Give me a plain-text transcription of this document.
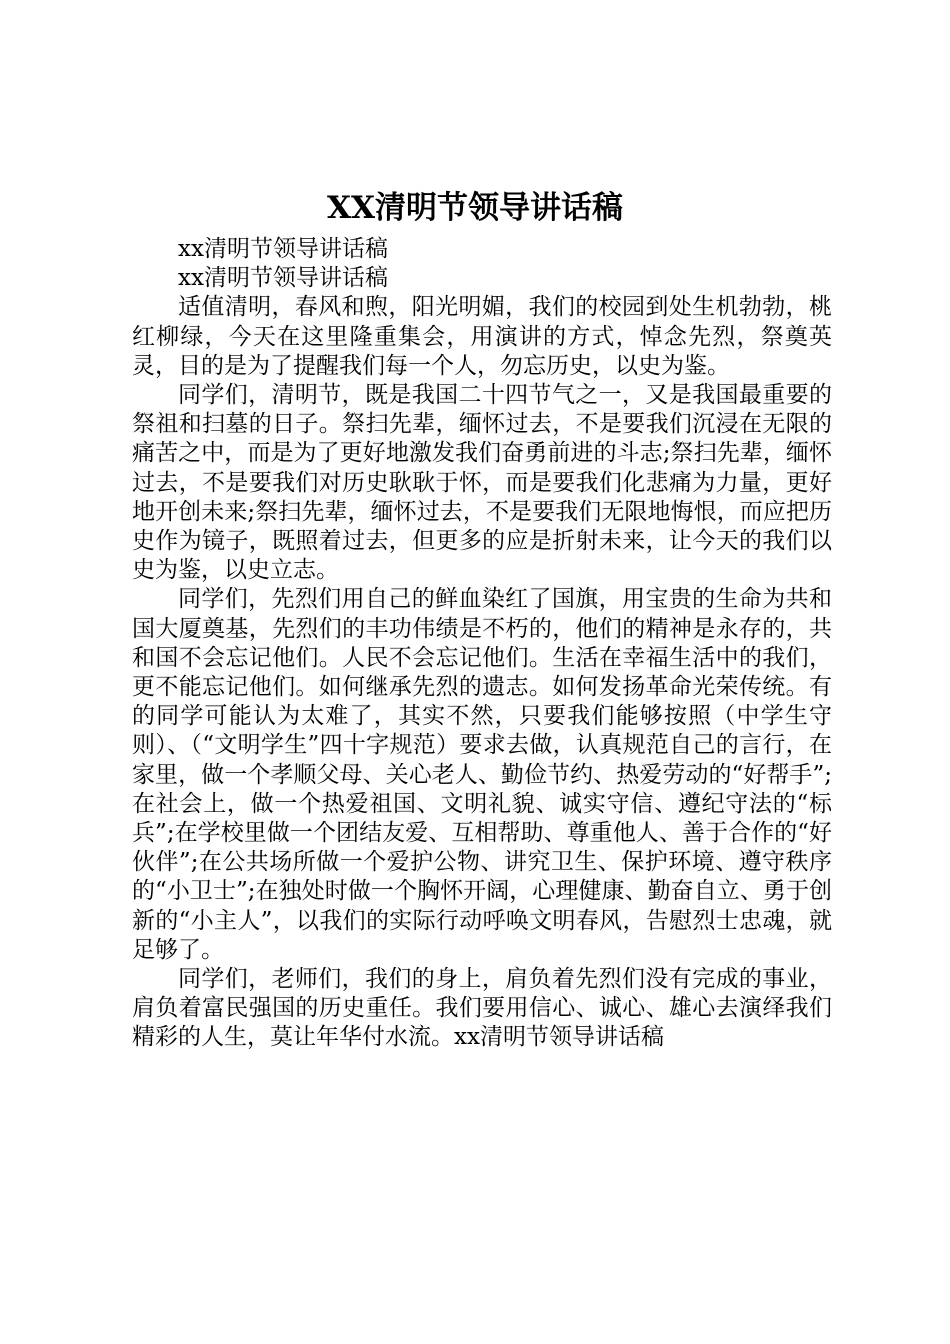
XX清明节领导讲话稿

xx清明节领导讲话稿

xx清明节领导讲话稿

适值清明，春风和煦，阳光明媚，我们的校园到处生机勃勃，桃红柳绿，今天在这里隆重集会，用演讲的方式，悼念先烈，祭奠英灵，目的是为了提醒我们每一个人，勿忘历史，以史为鉴。

同学们，清明节，既是我国二十四节气之一，又是我国最重要的祭祖和扫墓的日子。祭扫先辈，缅怀过去，不是要我们沉浸在无限的痛苦之中，而是为了更好地激发我们奋勇前进的斗志;祭扫先辈，缅怀过去，不是要我们对历史耿耿于怀，而是要我们化悲痛为力量，更好地开创未来;祭扫先辈，缅怀过去，不是要我们无限地悔恨，而应把历史作为镜子，既照着过去，但更多的应是折射未来，让今天的我们以史为鉴，以史立志。

同学们，先烈们用自己的鲜血染红了国旗，用宝贵的生命为共和国大厦奠基，先烈们的丰功伟绩是不朽的，他们的精神是永存的，共和国不会忘记他们。人民不会忘记他们。生活在幸福生活中的我们，更不能忘记他们。如何继承先烈的遗志。如何发扬革命光荣传统。有的同学可能认为太难了，其实不然，只要我们能够按照（中学生守则）、（“文明学生”四十字规范）要求去做，认真规范自己的言行，在家里，做一个孝顺父母、关心老人、勤俭节约、热爱劳动的“好帮手”;在社会上，做一个热爱祖国、文明礼貌、诚实守信、遵纪守法的“标兵”;在学校里做一个团结友爱、互相帮助、尊重他人、善于合作的“好伙伴”;在公共场所做一个爱护公物、讲究卫生、保护环境、遵守秩序的“小卫士”;在独处时做一个胸怀开阔，心理健康、勤奋自立、勇于创新的“小主人”，以我们的实际行动呼唤文明春风，告慰烈士忠魂，就足够了。

同学们，老师们，我们的身上，肩负着先烈们没有完成的事业，肩负着富民强国的历史重任。我们要用信心、诚心、雄心去演绎我们精彩的人生，莫让年华付水流。xx清明节领导讲话稿
